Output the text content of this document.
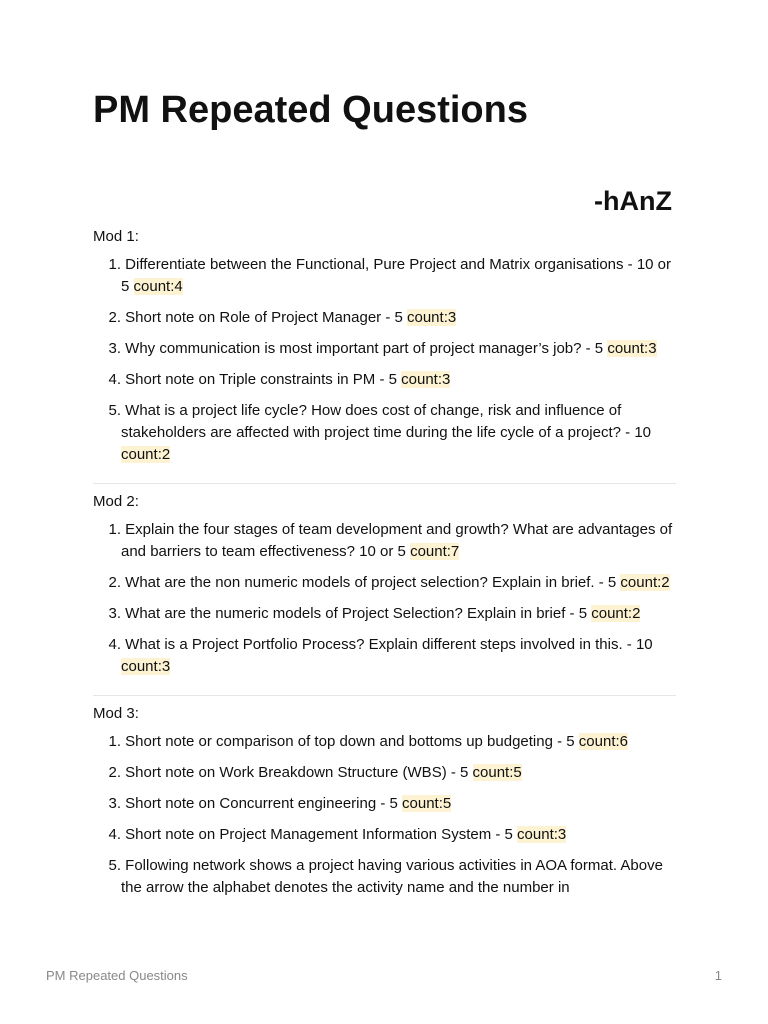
PM Repeated Questions
-hAnZ
Mod 1:
1. Differentiate between the Functional, Pure Project and Matrix organisations - 10 or 5 count:4
2. Short note on Role of Project Manager - 5 count:3
3. Why communication is most important part of project manager’s job? - 5 count:3
4. Short note on Triple constraints in PM - 5 count:3
5. What is a project life cycle? How does cost of change, risk and influence of stakeholders are affected with project time during the life cycle of a project? - 10 count:2
Mod 2:
1. Explain the four stages of team development and growth? What are advantages of and barriers to team effectiveness? 10 or 5 count:7
2. What are the non numeric models of project selection? Explain in brief. - 5 count:2
3. What are the numeric models of Project Selection? Explain in brief - 5 count:2
4. What is a Project Portfolio Process? Explain different steps involved in this. - 10 count:3
Mod 3:
1. Short note or comparison of top down and bottoms up budgeting - 5 count:6
2. Short note on Work Breakdown Structure (WBS) - 5 count:5
3. Short note on Concurrent engineering - 5 count:5
4. Short note on Project Management Information System - 5 count:3
5. Following network shows a project having various activities in AOA format. Above the arrow the alphabet denotes the activity name and the number in
PM Repeated Questions	1
